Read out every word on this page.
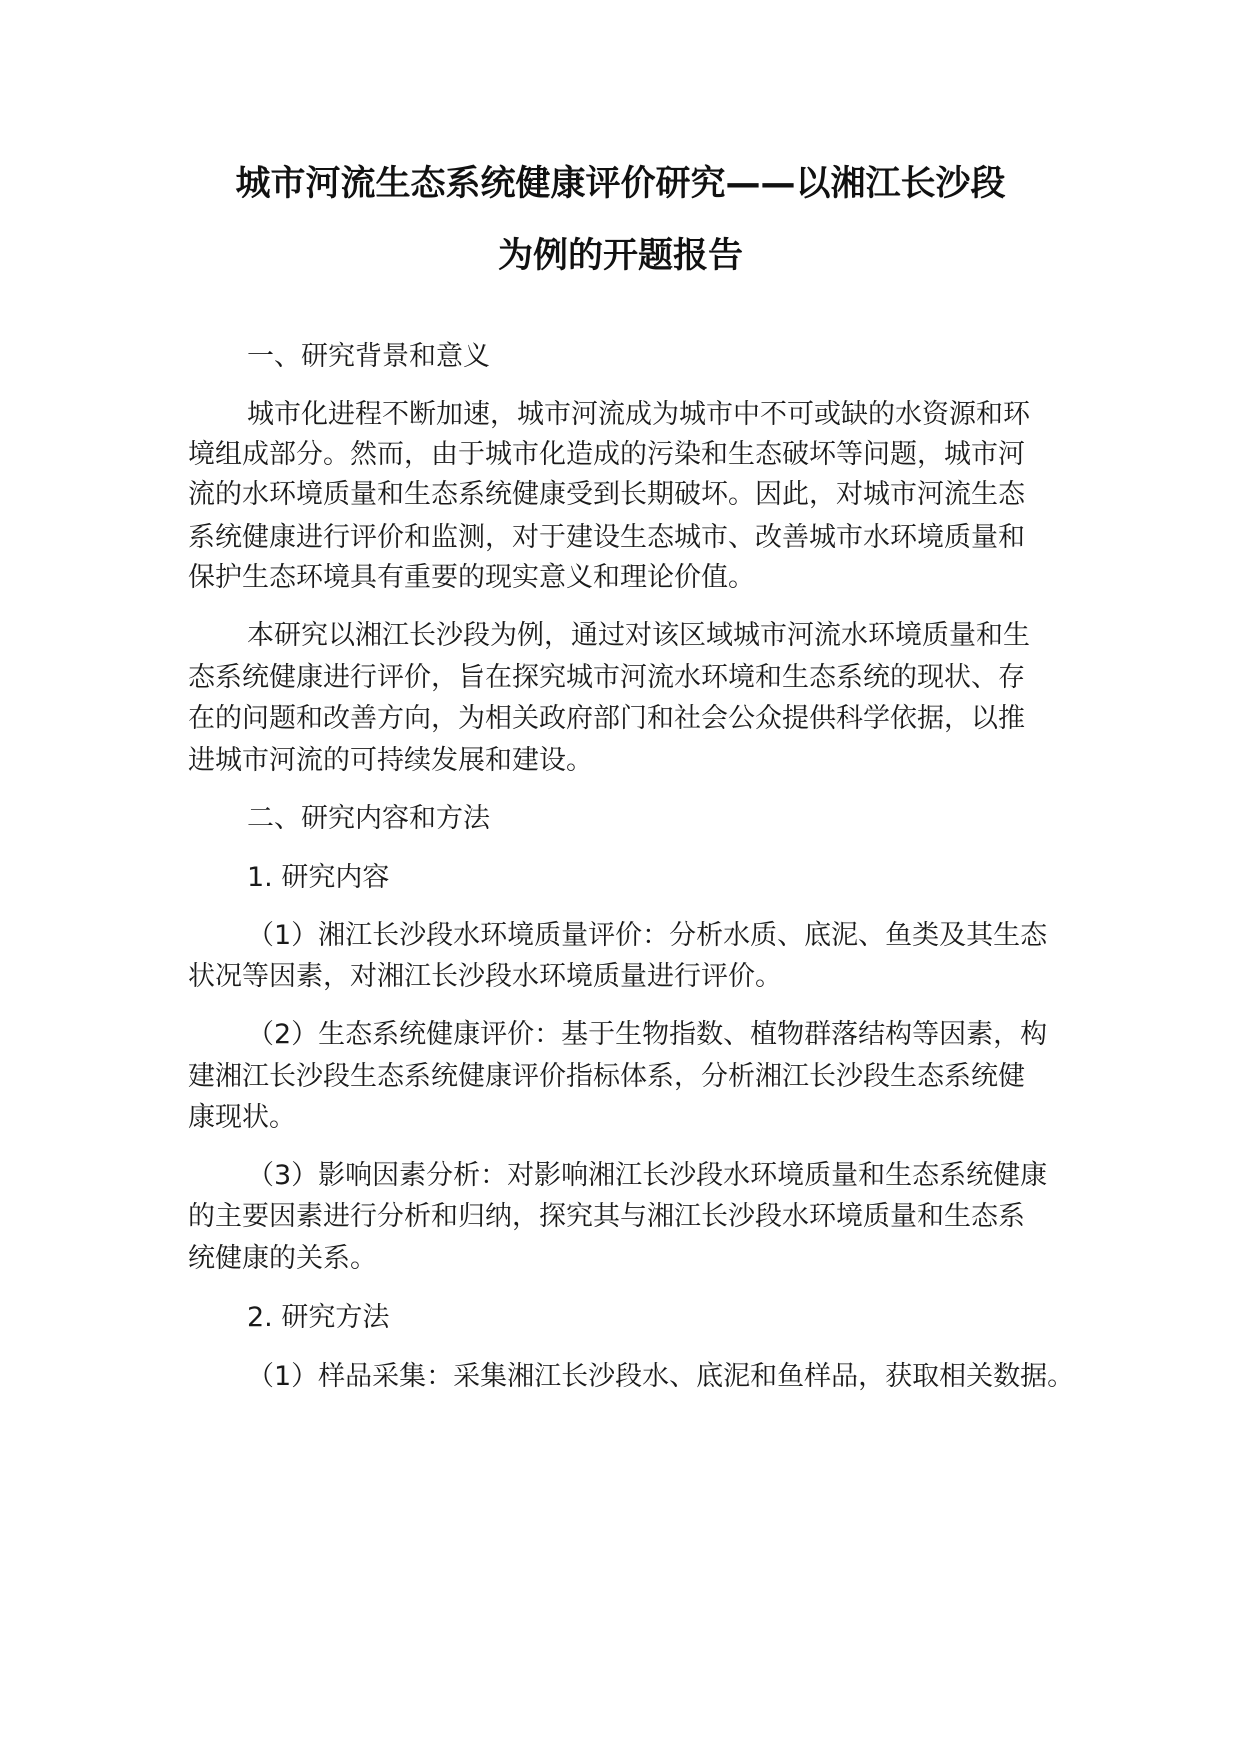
城市河流生态系统健康评价研究——以湘江长沙段
为例的开题报告
一、研究背景和意义
城市化进程不断加速，城市河流成为城市中不可或缺的水资源和环
境组成部分。然而，由于城市化造成的污染和生态破坏等问题，城市河
流的水环境质量和生态系统健康受到长期破坏。因此，对城市河流生态
系统健康进行评价和监测，对于建设生态城市、改善城市水环境质量和
保护生态环境具有重要的现实意义和理论价值。
本研究以湘江长沙段为例，通过对该区域城市河流水环境质量和生
态系统健康进行评价，旨在探究城市河流水环境和生态系统的现状、存
在的问题和改善方向，为相关政府部门和社会公众提供科学依据，以推
进城市河流的可持续发展和建设。
二、研究内容和方法
1. 研究内容
（1）湘江长沙段水环境质量评价：分析水质、底泥、鱼类及其生态
状况等因素，对湘江长沙段水环境质量进行评价。
（2）生态系统健康评价：基于生物指数、植物群落结构等因素，构
建湘江长沙段生态系统健康评价指标体系，分析湘江长沙段生态系统健
康现状。
（3）影响因素分析：对影响湘江长沙段水环境质量和生态系统健康
的主要因素进行分析和归纳，探究其与湘江长沙段水环境质量和生态系
统健康的关系。
2. 研究方法
（1）样品采集：采集湘江长沙段水、底泥和鱼样品，获取相关数据。
